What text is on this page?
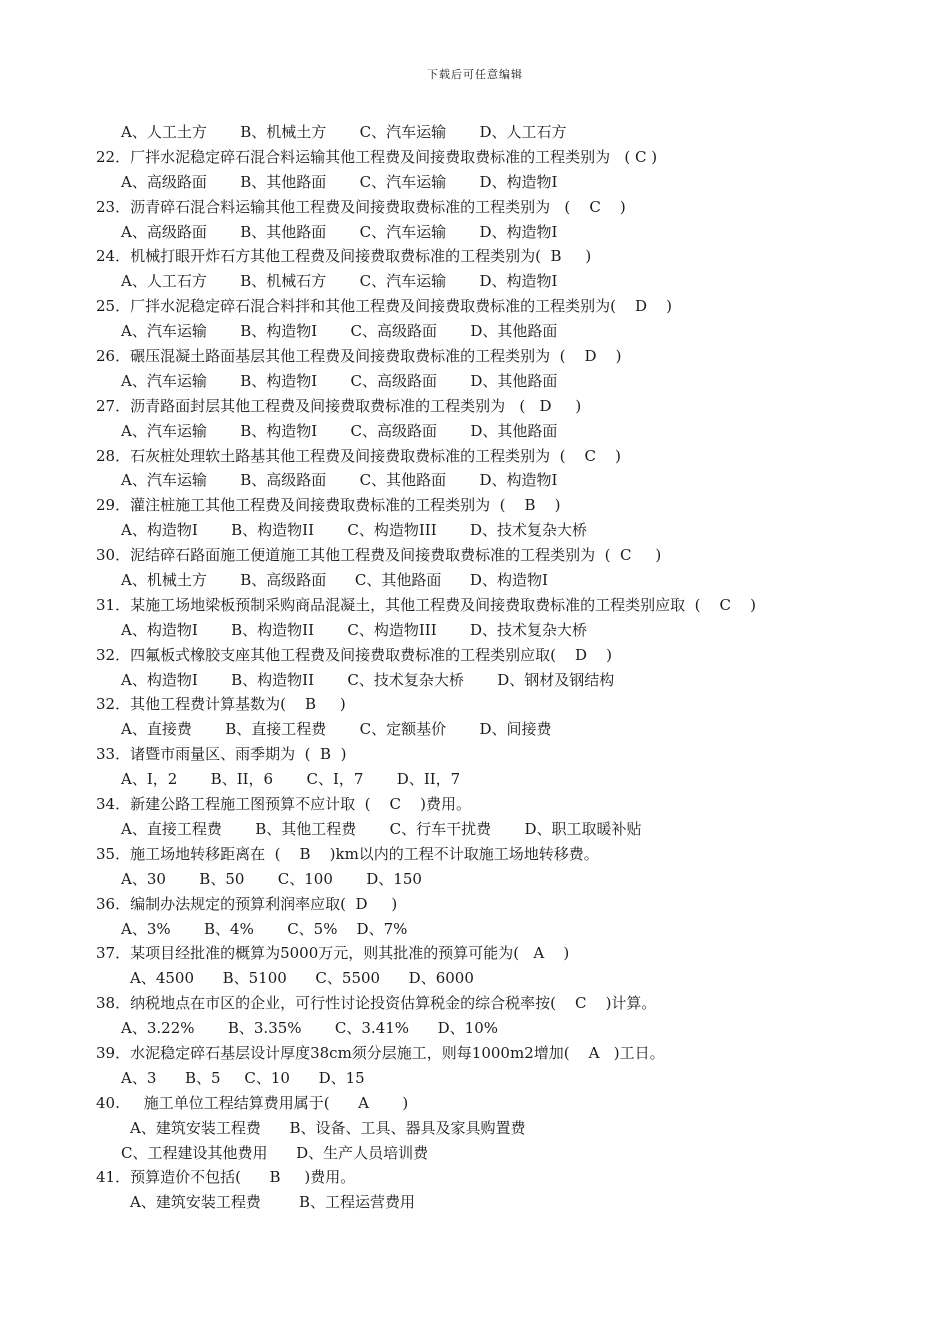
下载后可任意编辑
A、人工土方       B、机械土方       C、汽车运输       D、人工石方
22．厂拌水泥稳定碎石混合料运输其他工程费及间接费取费标准的工程类别为   ( C )
A、高级路面       B、其他路面       C、汽车运输       D、构造物I
23．沥青碎石混合料运输其他工程费及间接费取费标准的工程类别为   (    C    )
A、高级路面       B、其他路面       C、汽车运输       D、构造物I
24．机械打眼开炸石方其他工程费及间接费取费标准的工程类别为(  B     )
A、人工石方       B、机械石方       C、汽车运输       D、构造物I
25．厂拌水泥稳定碎石混合料拌和其他工程费及间接费取费标准的工程类别为(    D    )
A、汽车运输       B、构造物I       C、高级路面       D、其他路面
26．碾压混凝土路面基层其他工程费及间接费取费标准的工程类别为  (    D    )
A、汽车运输       B、构造物I       C、高级路面       D、其他路面
27．沥青路面封层其他工程费及间接费取费标准的工程类别为   (   D     )
A、汽车运输       B、构造物I       C、高级路面       D、其他路面
28．石灰桩处理软土路基其他工程费及间接费取费标准的工程类别为  (    C    )
A、汽车运输       B、高级路面       C、其他路面       D、构造物I
29．灌注桩施工其他工程费及间接费取费标准的工程类别为  (    B    )
A、构造物I       B、构造物II       C、构造物III       D、技术复杂大桥
30．泥结碎石路面施工便道施工其他工程费及间接费取费标准的工程类别为  (  C     )
A、机械土方       B、高级路面      C、其他路面      D、构造物I
31．某施工场地梁板预制采购商品混凝土，其他工程费及间接费取费标准的工程类别应取  (    C    )
A、构造物I       B、构造物II       C、构造物III       D、技术复杂大桥
32．四氟板式橡胶支座其他工程费及间接费取费标准的工程类别应取(    D    )
A、构造物I       B、构造物II       C、技术复杂大桥       D、钢材及钢结构
32．其他工程费计算基数为(    B     )
A、直接费       B、直接工程费       C、定额基价       D、间接费
33．诸暨市雨量区、雨季期为  (  B  )
A、I，2       B、II，6       C、I，7       D、II，7
34．新建公路工程施工图预算不应计取  (    C    )费用。
A、直接工程费       B、其他工程费       C、行车干扰费       D、职工取暖补贴
35．施工场地转移距离在  (    B    )km以内的工程不计取施工场地转移费。
A、30       B、50       C、100       D、150
36．编制办法规定的预算利润率应取(  D     )
A、3%       B、4%       C、5%    D、7%
37．某项目经批准的概算为5000万元，则其批准的预算可能为(   A    )
A、4500      B、5100      C、5500      D、6000
38．纳税地点在市区的企业，可行性讨论投资估算税金的综合税率按(    C    )计算。
A、3.22%       B、3.35%       C、3.41%      D、10%
39．水泥稳定碎石基层设计厚度38cm须分层施工，则每1000m2增加(    A   )工日。
A、3      B、5     C、10      D、15
40.     施工单位工程结算费用属于(      A       )
A、建筑安装工程费      B、设备、工具、器具及家具购置费
C、工程建设其他费用      D、生产人员培训费
41．预算造价不包括(      B     )费用。
A、建筑安装工程费        B、工程运营费用
